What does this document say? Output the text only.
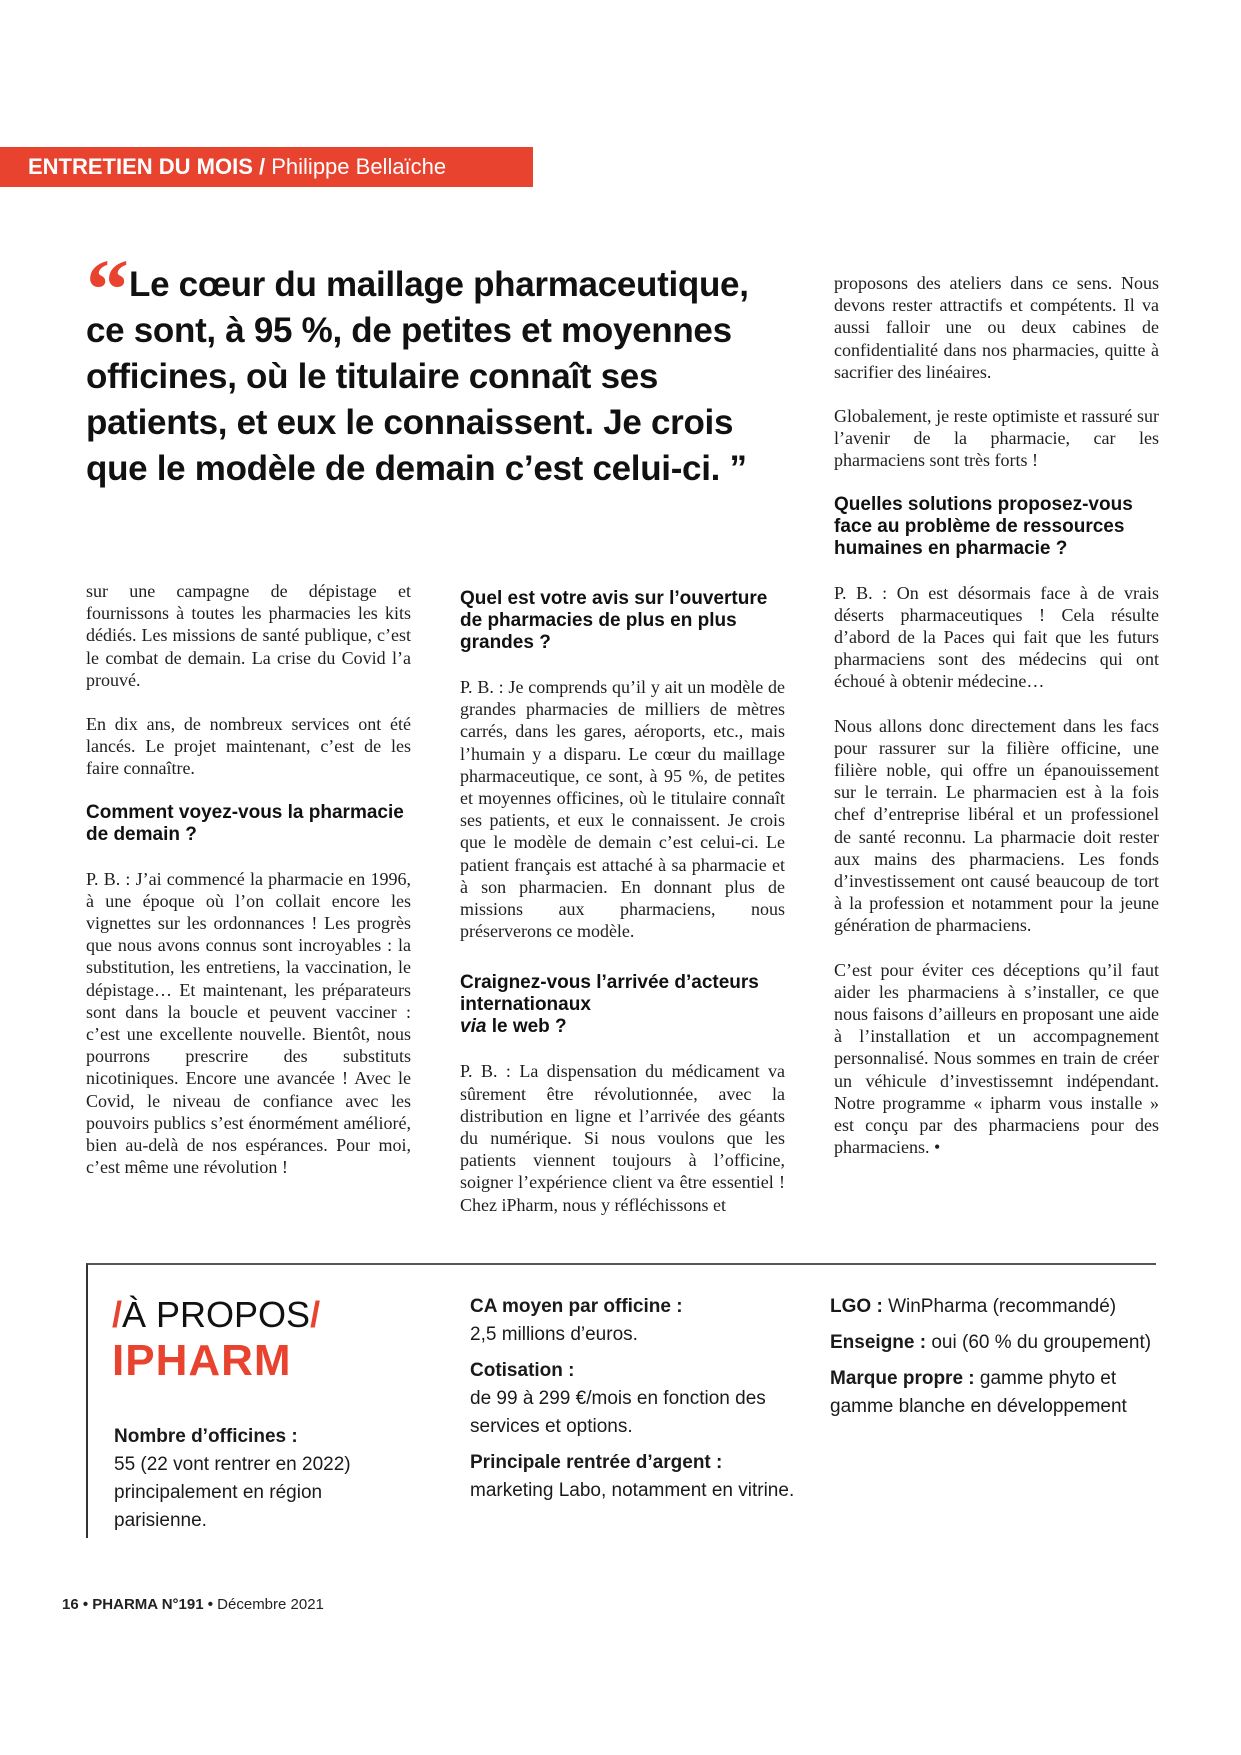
ENTRETIEN DU MOIS / Philippe Bellaïche
“ Le cœur du maillage pharmaceutique, ce sont, à 95 %, de petites et moyennes officines, où le titulaire connaît ses patients, et eux le connaissent. Je crois que le modèle de demain c’est celui-ci. ”

sur une campagne de dépistage et fournissons à toutes les pharmacies les kits dédiés. Les missions de santé publique, c’est le combat de demain. La crise du Covid l’a prouvé.

En dix ans, de nombreux services ont été lancés. Le projet maintenant, c’est de les faire connaître.

Comment voyez-vous la pharmacie de demain ?

P. B. : J’ai commencé la pharmacie en 1996, à une époque où l’on collait encore les vignettes sur les ordonnances ! Les progrès que nous avons connus sont incroyables : la substitution, les entretiens, la vaccination, le dépistage… Et maintenant, les préparateurs sont dans la boucle et peuvent vacciner : c’est une excellente nouvelle. Bientôt, nous pourrons prescrire des substituts nicotiniques. Encore une avancée ! Avec le Covid, le niveau de confiance avec les pouvoirs publics s’est énormément amélioré, bien au-delà de nos espérances. Pour moi, c’est même une révolution !

Quel est votre avis sur l’ouverture de pharmacies de plus en plus grandes ?

P. B. : Je comprends qu’il y ait un modèle de grandes pharmacies de milliers de mètres carrés, dans les gares, aéroports, etc., mais l’humain y a disparu. Le cœur du maillage pharmaceutique, ce sont, à 95 %, de petites et moyennes officines, où le titulaire connaît ses patients, et eux le connaissent. Je crois que le modèle de demain c’est celui-ci. Le patient français est attaché à sa pharmacie et à son pharmacien. En donnant plus de missions aux pharmaciens, nous préserverons ce modèle.

Craignez-vous l’arrivée d’acteurs internationaux
via le web ?

P. B. : La dispensation du médicament va sûrement être révolutionnée, avec la distribution en ligne et l’arrivée des géants du numérique. Si nous voulons que les patients viennent toujours à l’officine, soigner l’expérience client va être essentiel ! Chez iPharm, nous y réfléchissons et

proposons des ateliers dans ce sens. Nous devons rester attractifs et compétents. Il va aussi falloir une ou deux cabines de confidentialité dans nos pharmacies, quitte à sacrifier des linéaires.

Globalement, je reste optimiste et rassuré sur l’avenir de la pharmacie, car les pharmaciens sont très forts !

Quelles solutions proposez-vous face au problème de ressources humaines en pharmacie ?

P. B. : On est désormais face à de vrais déserts pharmaceutiques ! Cela résulte d’abord de la Paces qui fait que les futurs pharmaciens sont des médecins qui ont échoué à obtenir médecine…

Nous allons donc directement dans les facs pour rassurer sur la filière officine, une filière noble, qui offre un épanouissement sur le terrain. Le pharmacien est à la fois chef d’entreprise libéral et un professionel de santé reconnu. La pharmacie doit rester aux mains des pharmaciens. Les fonds d’investissement ont causé beaucoup de tort à la profession et notamment pour la jeune génération de pharmaciens.

C’est pour éviter ces déceptions qu’il faut aider les pharmaciens à s’installer, ce que nous faisons d’ailleurs en proposant une aide à l’installation et un accompagnement personnalisé. Nous sommes en train de créer un véhicule d’investissemnt indépendant. Notre programme « ipharm vous installe » est conçu par des pharmaciens pour des pharmaciens. •

/À PROPOS/
IPHARM
Nombre d’officines :
55 (22 vont rentrer en 2022) principalement en région parisienne.
CA moyen par officine :
2,5 millions d’euros.
Cotisation :
de 99 à 299 €/mois en fonction des services et options.
Principale rentrée d’argent :
marketing Labo, notamment en vitrine.
LGO : WinPharma (recommandé)
Enseigne : oui (60 % du groupement)
Marque propre : gamme phyto et gamme blanche en développement
16 • PHARMA N°191 • Décembre 2021
